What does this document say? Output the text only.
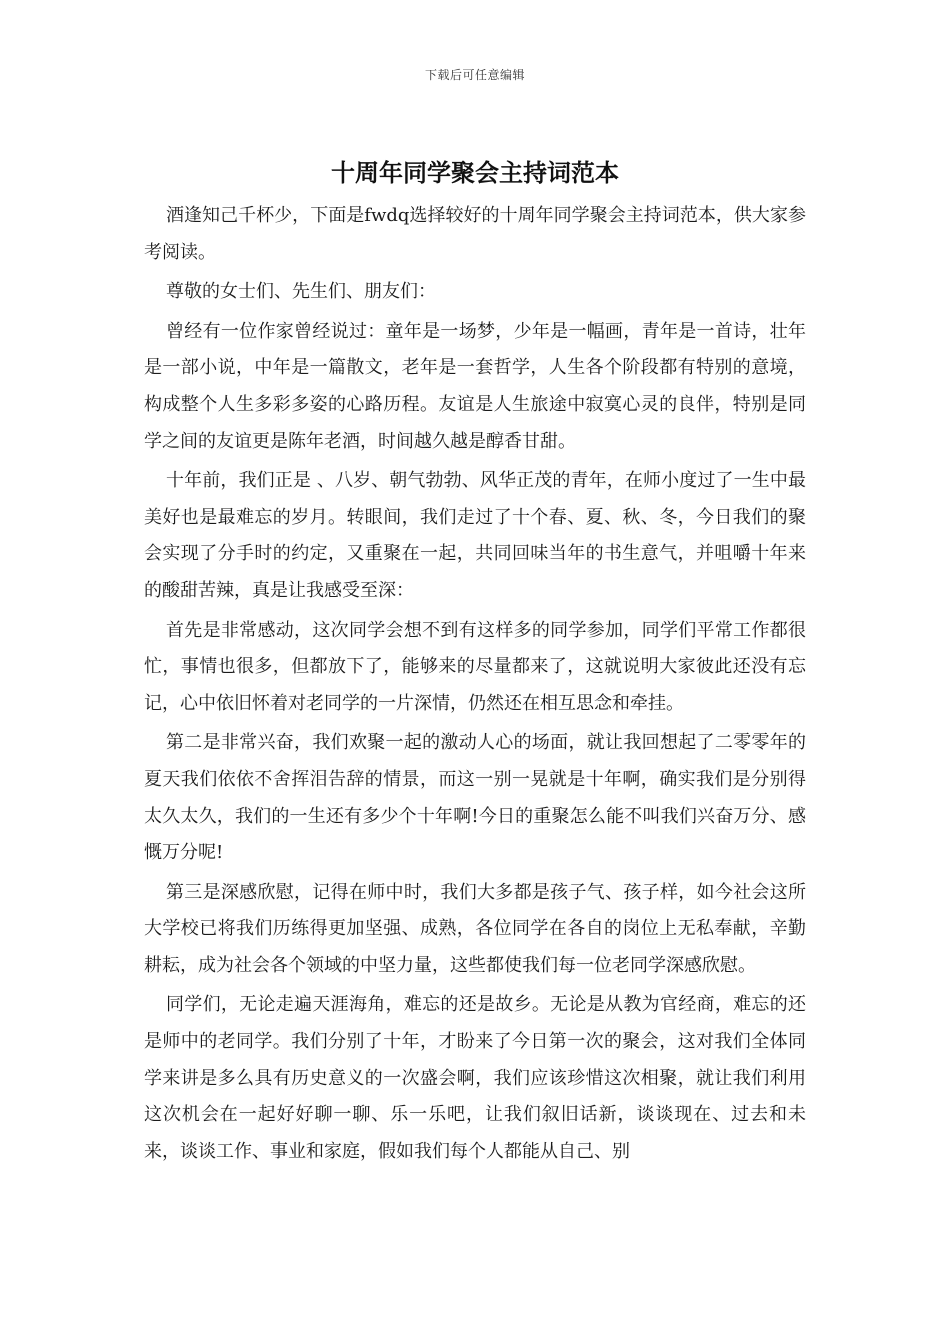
下载后可任意编辑
十周年同学聚会主持词范本

酒逢知己千杯少，下面是fwdq选择较好的十周年同学聚会主持词范本，供大家参考阅读。

尊敬的女士们、先生们、朋友们：

曾经有一位作家曾经说过：童年是一场梦，少年是一幅画，青年是一首诗，壮年是一部小说，中年是一篇散文，老年是一套哲学，人生各个阶段都有特别的意境，构成整个人生多彩多姿的心路历程。友谊是人生旅途中寂寞心灵的良伴，特别是同学之间的友谊更是陈年老酒，时间越久越是醇香甘甜。

十年前，我们正是 、八岁、朝气勃勃、风华正茂的青年，在师小度过了一生中最美好也是最难忘的岁月。转眼间，我们走过了十个春、夏、秋、冬，今日我们的聚会实现了分手时的约定，又重聚在一起，共同回味当年的书生意气，并咀嚼十年来的酸甜苦辣，真是让我感受至深：

首先是非常感动，这次同学会想不到有这样多的同学参加，同学们平常工作都很忙，事情也很多，但都放下了，能够来的尽量都来了，这就说明大家彼此还没有忘记，心中依旧怀着对老同学的一片深情，仍然还在相互思念和牵挂。

第二是非常兴奋，我们欢聚一起的激动人心的场面，就让我回想起了二零零年的夏天我们依依不舍挥泪告辞的情景，而这一别一晃就是十年啊，确实我们是分别得太久太久，我们的一生还有多少个十年啊!今日的重聚怎么能不叫我们兴奋万分、感慨万分呢!

第三是深感欣慰，记得在师中时，我们大多都是孩子气、孩子样，如今社会这所大学校已将我们历练得更加坚强、成熟，各位同学在各自的岗位上无私奉献，辛勤耕耘，成为社会各个领域的中坚力量，这些都使我们每一位老同学深感欣慰。

同学们，无论走遍天涯海角，难忘的还是故乡。无论是从教为官经商，难忘的还是师中的老同学。我们分别了十年，才盼来了今日第一次的聚会，这对我们全体同学来讲是多么具有历史意义的一次盛会啊，我们应该珍惜这次相聚，就让我们利用这次机会在一起好好聊一聊、乐一乐吧，让我们叙旧话新，谈谈现在、过去和未来，谈谈工作、事业和家庭，假如我们每个人都能从自己、别
